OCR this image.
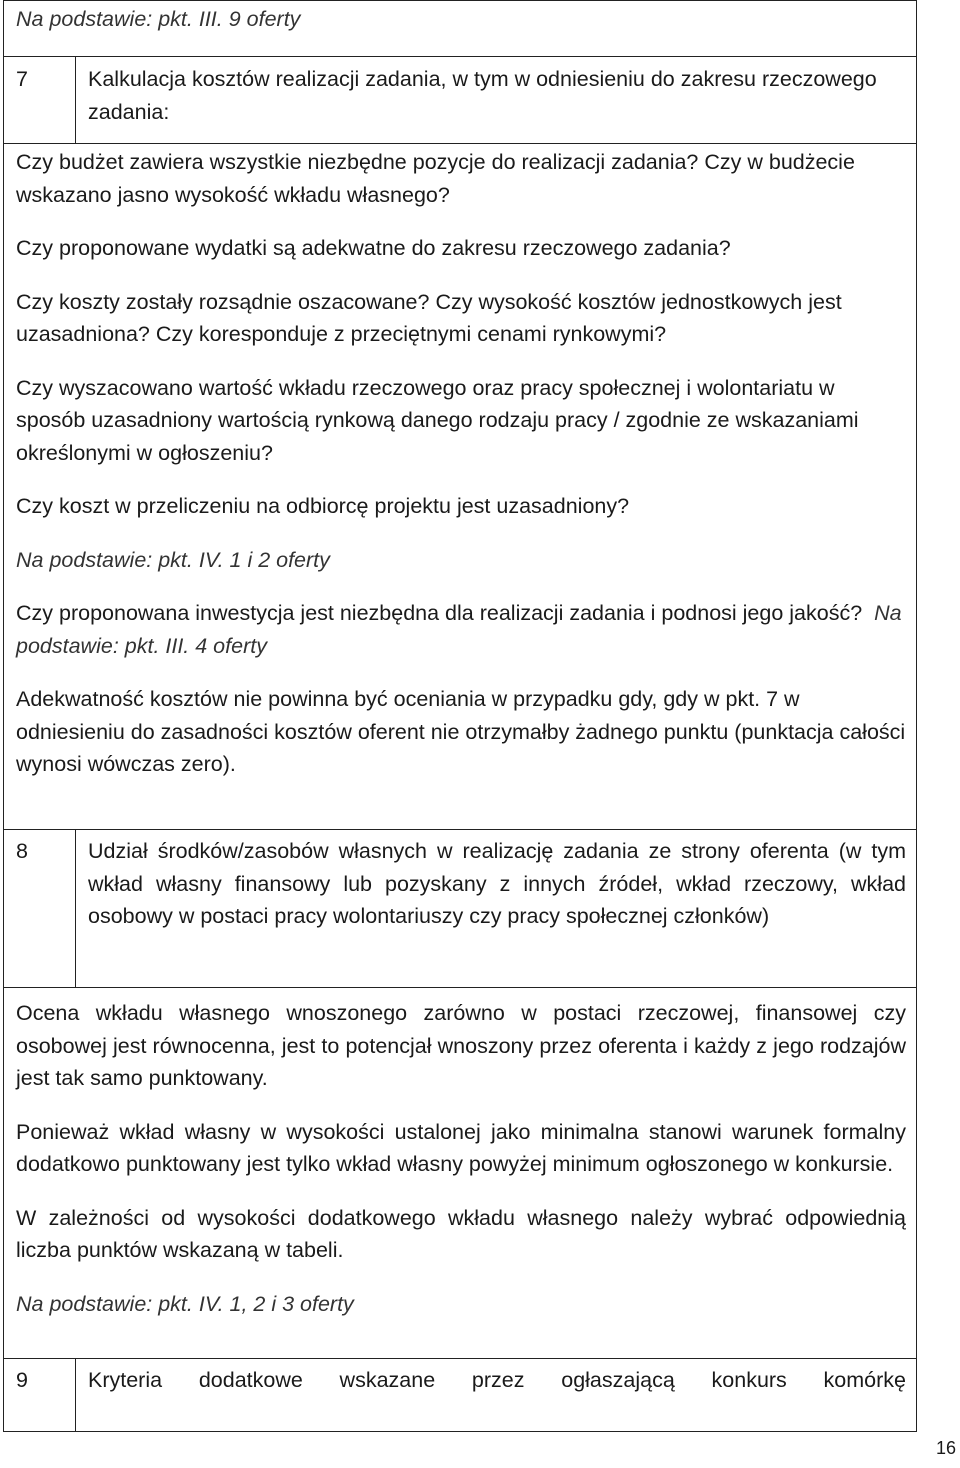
Na podstawie: pkt. III. 9 oferty
7	Kalkulacja kosztów realizacji zadania, w tym w odniesieniu do zakresu rzeczowego zadania:

Czy budżet zawiera wszystkie niezbędne pozycje do realizacji zadania? Czy w budżecie wskazano jasno wysokość wkładu własnego?

Czy proponowane wydatki są adekwatne do zakresu rzeczowego zadania?

Czy koszty zostały rozsądnie oszacowane? Czy wysokość kosztów jednostkowych jest uzasadniona? Czy koresponduje z przeciętnymi cenami rynkowymi?

Czy wyszacowano wartość wkładu rzeczowego oraz pracy społecznej i wolontariatu w sposób uzasadniony wartością rynkową danego rodzaju pracy / zgodnie ze wskazaniami określonymi w ogłoszeniu?

Czy koszt w przeliczeniu na odbiorcę projektu jest uzasadniony?

Na podstawie: pkt. IV. 1 i 2 oferty

Czy proponowana inwestycja jest niezbędna dla realizacji zadania i podnosi jego jakość? Na podstawie: pkt. III. 4 oferty

Adekwatność kosztów nie powinna być oceniania w przypadku gdy, gdy w pkt. 7 w odniesieniu do zasadności kosztów oferent nie otrzymałby żadnego punktu (punktacja całości wynosi wówczas zero).

8	Udział środków/zasobów własnych w realizację zadania ze strony oferenta (w tym wkład własny finansowy lub pozyskany z innych źródeł, wkład rzeczowy, wkład osobowy w postaci pracy wolontariuszy czy pracy społecznej członków)

Ocena wkładu własnego wnoszonego zarówno w postaci rzeczowej, finansowej czy osobowej jest równocenna, jest to potencjał wnoszony przez oferenta i każdy z jego rodzajów jest tak samo punktowany.

Ponieważ wkład własny w wysokości ustalonej jako minimalna stanowi warunek formalny dodatkowo punktowany jest tylko wkład własny powyżej minimum ogłoszonego w konkursie.

W zależności od wysokości dodatkowego wkładu własnego należy wybrać odpowiednią liczba punktów wskazaną w tabeli.

Na podstawie: pkt. IV. 1, 2 i 3 oferty

9	Kryteria dodatkowe wskazane przez ogłaszającą konkurs komórkę
16
